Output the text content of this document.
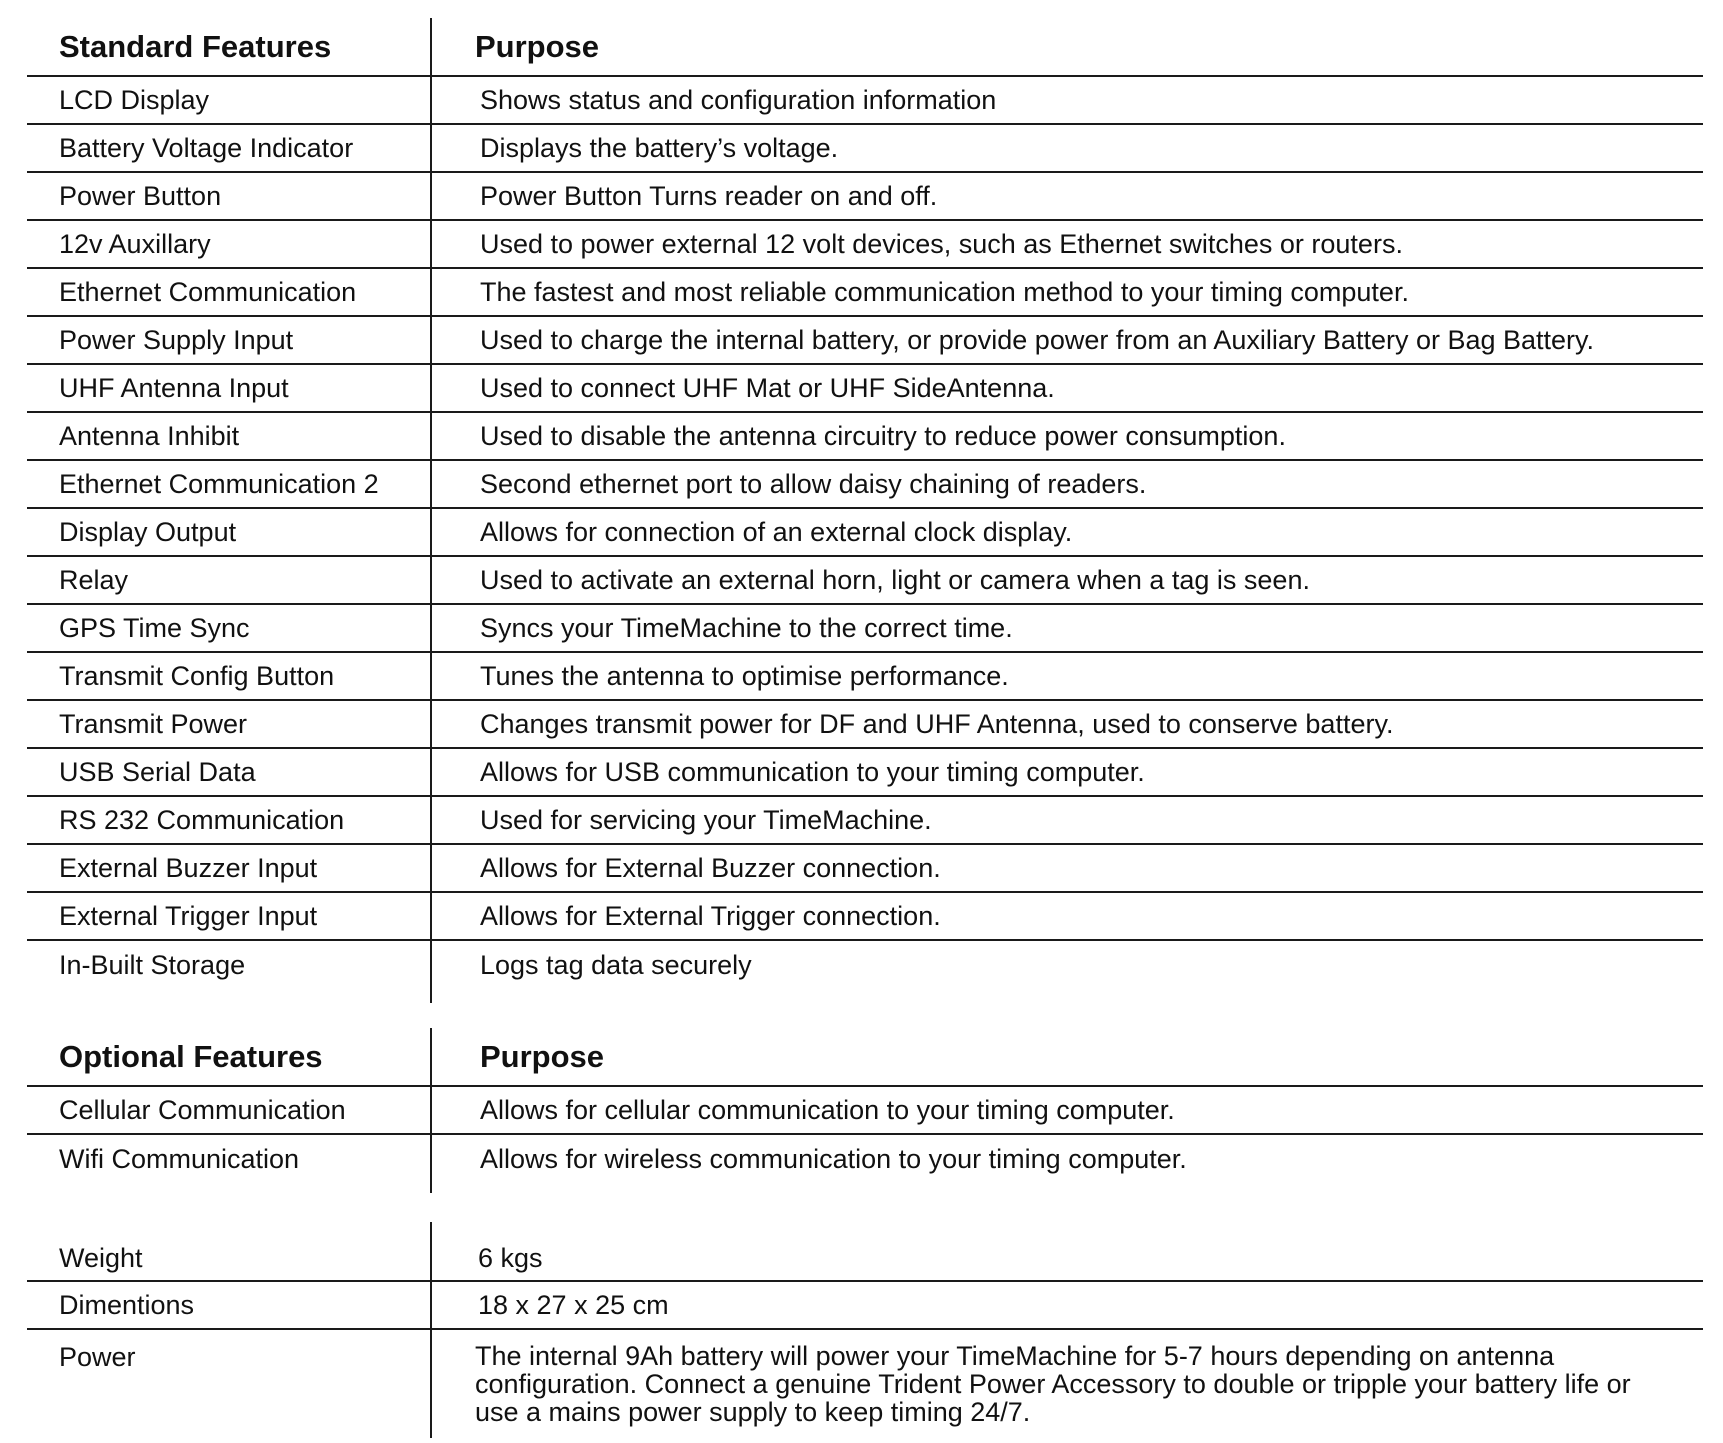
Standard Features	Purpose
LCD Display	Shows status and configuration information
Battery Voltage Indicator	Displays the battery’s voltage.
Power Button	Power Button Turns reader on and off.
12v Auxillary	Used to power external 12 volt devices, such as Ethernet switches or routers.
Ethernet Communication	The fastest and most reliable communication method to your timing computer.
Power Supply Input	Used to charge the internal battery, or provide power from an Auxiliary Battery or Bag Battery.
UHF Antenna Input	Used to connect UHF Mat or UHF SideAntenna.
Antenna Inhibit	Used to disable the antenna circuitry to reduce power consumption.
Ethernet Communication 2	Second ethernet port to allow daisy chaining of readers.
Display Output	Allows for connection of an external clock display.
Relay	Used to activate an external horn, light or camera when a tag is seen.
GPS Time Sync	Syncs your TimeMachine to the correct time.
Transmit Config Button	Tunes the antenna to optimise performance.
Transmit Power	Changes transmit power for DF and UHF Antenna, used to conserve battery.
USB Serial Data	Allows for USB communication to your timing computer.
RS 232 Communication	Used for servicing your TimeMachine.
External Buzzer Input	Allows for External Buzzer connection.
External Trigger Input	Allows for External Trigger connection.
In-Built Storage	Logs tag data securely
Optional Features	Purpose
Cellular Communication	Allows for cellular communication to your timing computer.
Wifi Communication	Allows for wireless communication to your timing computer.
Weight	6 kgs
Dimentions	18 x 27 x 25 cm
Power	The internal 9Ah battery will power your TimeMachine for 5-7 hours depending on antenna configuration. Connect a genuine Trident Power Accessory to double or tripple your battery life or use a mains power supply to keep timing 24/7.
